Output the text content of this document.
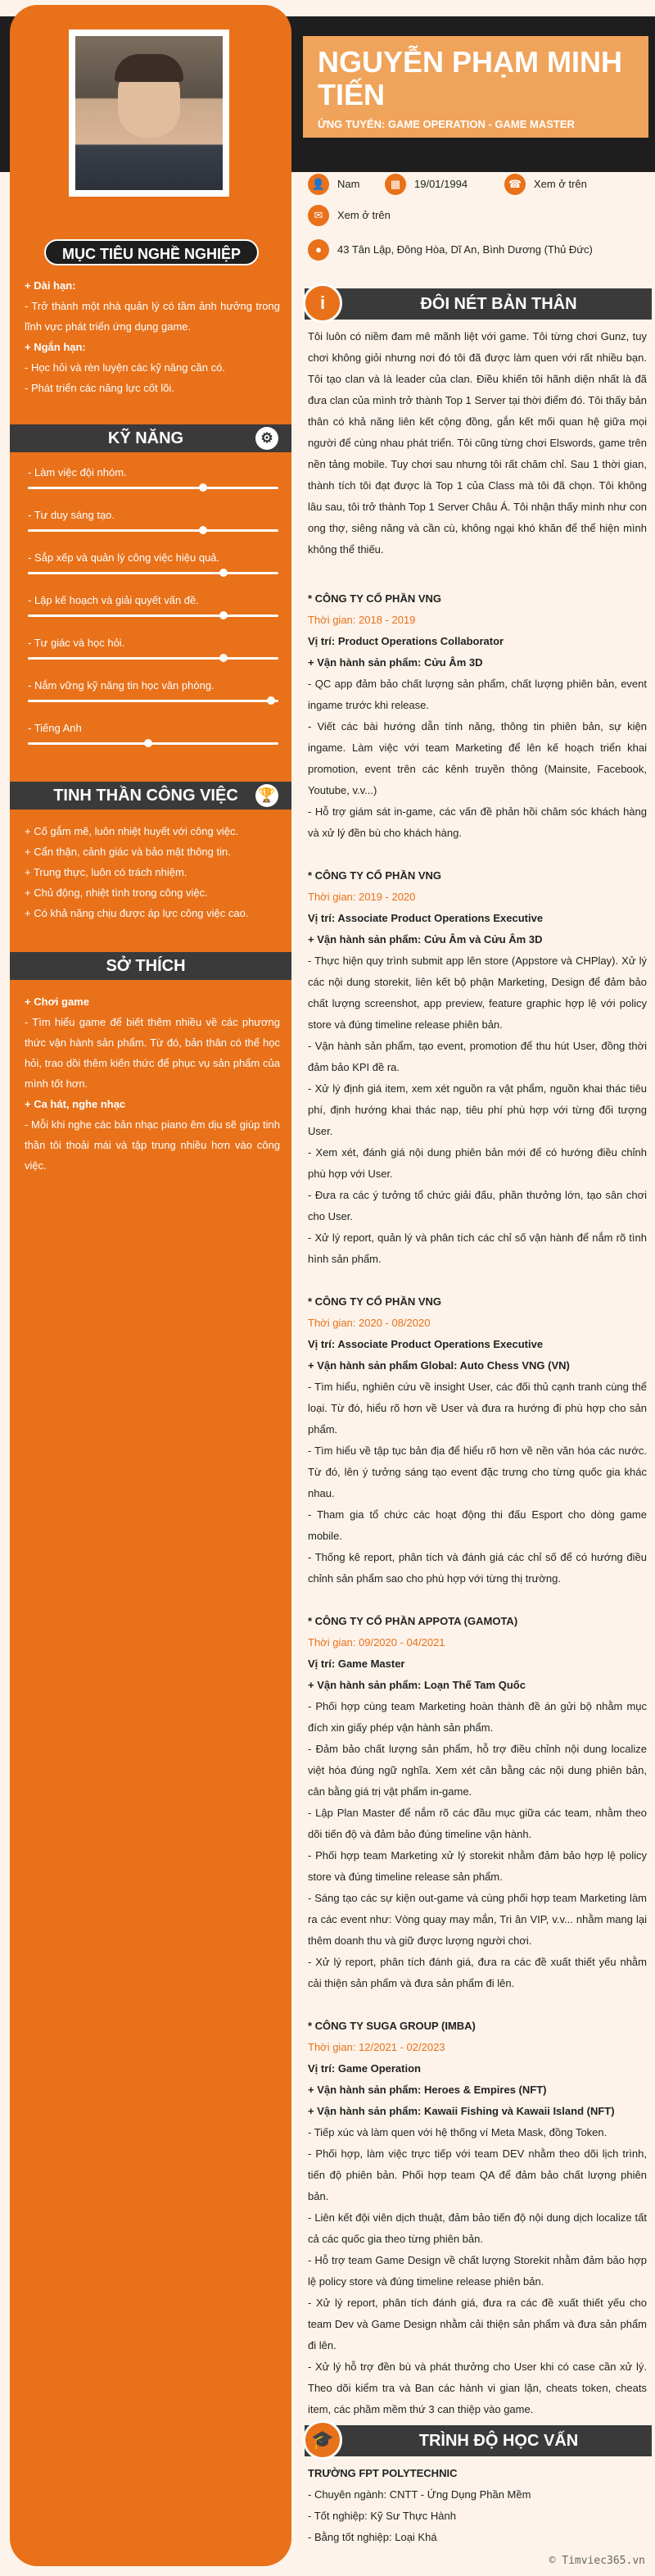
MỤC TIÊU NGHỀ NGHIỆP
+ Dài hạn:

- Trở thành một nhà quản lý có tầm ảnh hưởng trong lĩnh vực phát triển ứng dụng game.

+ Ngắn hạn:
- Học hỏi và rèn luyện các kỹ năng cần có.
- Phát triển các năng lực cốt lõi.
KỸ NĂNG	⚙
- Làm việc đội nhóm.
- Tư duy sáng tạo.
- Sắp xếp và quản lý công việc hiệu quả.
- Lập kế hoạch và giải quyết vấn đề.
- Tư giác và học hỏi.
- Nắm vững kỹ năng tin học văn phòng.
- Tiếng Anh
TINH THẦN CÔNG VIỆC 🏆
+ Cố gắm mẽ, luôn nhiệt huyết với công việc.
+ Cẩn thận, cảnh giác và bảo mật thông tin.
+ Trung thực, luôn có trách nhiệm.
+ Chủ động, nhiệt tình trong công việc.
+ Có khả năng chịu được áp lực công việc cao.
SỞ THÍCH
+ Chơi game

- Tìm hiểu game để biết thêm nhiều về các phương thức vận hành sản phẩm. Từ đó, bản thân có thể học hỏi, trao dồi thêm kiến thức để phục vụ sản phẩm của mình tốt hơn.

+ Ca hát, nghe nhạc

- Mỗi khi nghe các bản nhạc piano êm dịu sẽ giúp tinh thần tôi thoải mái và tập trung nhiều hơn vào công việc.

NGUYỄN PHẠM MINH TIẾN
ỨNG TUYỂN: GAME OPERATION - GAME MASTER
👤	Nam	▦	19/01/1994	☎	Xem ở trên
✉	Xem ở trên
●	43 Tân Lập, Đông Hòa, Dĩ An, Bình Dương (Thủ Đức)
i	ĐÔI NÉT BẢN THÂN

Tôi luôn có niềm đam mê mãnh liệt với game. Tôi từng chơi Gunz, tuy chơi không giỏi nhưng nơi đó tôi đã được làm quen với rất nhiều bạn. Tôi tạo clan và là leader của clan. Điều khiến tôi hãnh diện nhất là đã đưa clan của mình trở thành Top 1 Server tại thời điểm đó. Tôi thấy bản thân có khả năng liên kết cộng đồng, gắn kết mối quan hệ giữa mọi người để cùng nhau phát triển. Tôi cũng từng chơi Elswords, game trên nền tảng mobile. Tuy chơi sau nhưng tôi rất chăm chỉ. Sau 1 thời gian, thành tích tôi đạt được là Top 1 của Class mà tôi đã chọn. Tôi không lâu sau, tôi trở thành Top 1 Server Châu Á. Tôi nhận thấy mình như con ong thợ, siêng năng và cần cù, không ngại khó khăn để thể hiện mình không thể thiếu.

* CÔNG TY CỔ PHẦN VNG
Thời gian: 2018 - 2019
Vị trí: Product Operations Collaborator
+ Vận hành sản phẩm: Cửu Âm 3D

- QC app đảm bảo chất lượng sản phẩm, chất lượng phiên bản, event ingame trước khi release.

- Viết các bài hướng dẫn tính năng, thông tin phiên bản, sự kiện ingame. Làm việc với team Marketing để lên kế hoạch triển khai promotion, event trên các kênh truyền thông (Mainsite, Facebook, Youtube, v.v...)

- Hỗ trợ giám sát in-game, các vấn đề phản hồi chăm sóc khách hàng và xử lý đền bù cho khách hàng.

* CÔNG TY CỔ PHẦN VNG
Thời gian: 2019 - 2020
Vị trí: Associate Product Operations Executive
+ Vận hành sản phẩm: Cửu Âm và Cửu Âm 3D

- Thực hiện quy trình submit app lên store (Appstore và CHPlay). Xử lý các nội dung storekit, liên kết bộ phận Marketing, Design để đảm bảo chất lượng screenshot, app preview, feature graphic hợp lệ với policy store và đúng timeline release phiên bản.

- Vận hành sản phẩm, tạo event, promotion để thu hút User, đồng thời đảm bảo KPI đề ra.

- Xử lý định giá item, xem xét nguồn ra vật phẩm, nguồn khai thác tiêu phí, định hướng khai thác nạp, tiêu phí phù hợp với từng đối tượng User.

- Xem xét, đánh giá nội dung phiên bản mới để có hướng điều chỉnh phù hợp với User.

- Đưa ra các ý tưởng tổ chức giải đấu, phần thưởng lớn, tạo sân chơi cho User.

- Xử lý report, quản lý và phân tích các chỉ số vận hành để nắm rõ tình hình sản phẩm.

* CÔNG TY CỔ PHẦN VNG
Thời gian: 2020 - 08/2020
Vị trí: Associate Product Operations Executive
+ Vận hành sản phẩm Global: Auto Chess VNG (VN)

- Tìm hiểu, nghiên cứu về insight User, các đối thủ cạnh tranh cùng thể loại. Từ đó, hiểu rõ hơn về User và đưa ra hướng đi phù hợp cho sản phẩm.

- Tìm hiểu về tập tục bản địa để hiểu rõ hơn về nền văn hóa các nước. Từ đó, lên ý tưởng sáng tạo event đặc trưng cho từng quốc gia khác nhau.

- Tham gia tổ chức các hoạt động thi đấu Esport cho dòng game mobile.

- Thống kê report, phân tích và đánh giá các chỉ số để có hướng điều chỉnh sản phẩm sao cho phù hợp với từng thị trường.

* CÔNG TY CỔ PHẦN APPOTA (GAMOTA)
Thời gian: 09/2020 - 04/2021
Vị trí: Game Master
+ Vận hành sản phẩm: Loạn Thế Tam Quốc

- Phối hợp cùng team Marketing hoàn thành đề án gửi bộ nhằm mục đích xin giấy phép vận hành sản phẩm.

- Đảm bảo chất lượng sản phẩm, hỗ trợ điều chỉnh nội dung localize việt hóa đúng ngữ nghĩa. Xem xét cân bằng các nội dung phiên bản, cân bằng giá trị vật phẩm in-game.

- Lập Plan Master để nắm rõ các đầu mục giữa các team, nhằm theo dõi tiến độ và đảm bảo đúng timeline vận hành.

- Phối hợp team Marketing xử lý storekit nhằm đảm bảo hợp lệ policy store và đúng timeline release sản phẩm.

- Sáng tạo các sự kiện out-game và cùng phối hợp team Marketing làm ra các event như: Vòng quay may mắn, Tri ân VIP, v.v... nhằm mang lại thêm doanh thu và giữ được lượng người chơi.

- Xử lý report, phân tích đánh giá, đưa ra các đề xuất thiết yếu nhằm cải thiện sản phẩm và đưa sản phẩm đi lên.

* CÔNG TY SUGA GROUP (IMBA)
Thời gian: 12/2021 - 02/2023
Vị trí: Game Operation
+ Vận hành sản phẩm: Heroes & Empires (NFT)
+ Vận hành sản phẩm: Kawaii Fishing và Kawaii Island (NFT)

- Tiếp xúc và làm quen với hệ thống ví Meta Mask, đồng Token.

- Phối hợp, làm việc trực tiếp với team DEV nhằm theo dõi lịch trình, tiến độ phiên bản. Phối hợp team QA để đảm bảo chất lượng phiên bản.

- Liên kết đội viên dịch thuật, đảm bảo tiến độ nội dung dịch localize tất cả các quốc gia theo từng phiên bản.

- Hỗ trợ team Game Design về chất lượng Storekit nhằm đảm bảo hợp lệ policy store và đúng timeline release phiên bản.

- Xử lý report, phân tích đánh giá, đưa ra các đề xuất thiết yếu cho team Dev và Game Design nhằm cải thiện sản phẩm và đưa sản phẩm đi lên.

- Xử lý hỗ trợ đền bù và phát thưởng cho User khi có case cần xử lý. Theo dõi kiểm tra và Ban các hành vi gian lận, cheats token, cheats item, các phầm mềm thứ 3 can thiệp vào game.

🎓	TRÌNH ĐỘ HỌC VẤN
TRƯỜNG FPT POLYTECHNIC
- Chuyên ngành: CNTT - Ứng Dụng Phần Mềm
- Tốt nghiệp: Kỹ Sư Thực Hành
- Bằng tốt nghiệp: Loại Khá
© Timviec365.vn
